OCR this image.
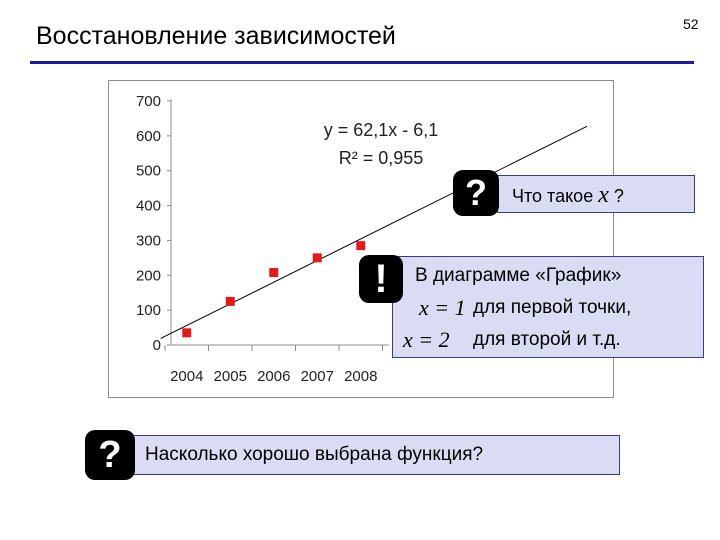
Восстановление зависимостей	52
0
100
200
300
400
500
600
700
2004 2005 2006 2007 2008
y = 62,1x - 6,1
R² = 0,955
Что такое x ?
?
В диаграмме «График»
x = 1 для первой точки,
x = 2 для второй и т.д.
!
Насколько хорошо выбрана функция?
?
